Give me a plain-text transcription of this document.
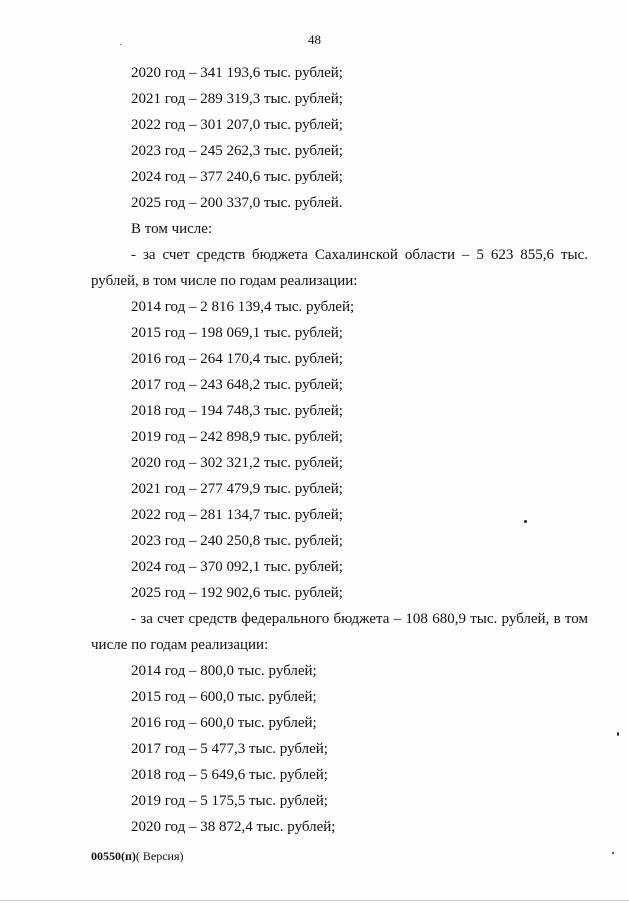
48

2020 год – 341 193,6 тыс. рублей;

2021 год – 289 319,3 тыс. рублей;

2022 год – 301 207,0 тыс. рублей;

2023 год – 245 262,3 тыс. рублей;

2024 год – 377 240,6 тыс. рублей;

2025 год – 200 337,0 тыс. рублей.

В том числе:

- за счет средств бюджета Сахалинской области – 5 623 855,6 тыс. рублей, в том числе по годам реализации:

2014 год – 2 816 139,4 тыс. рублей;

2015 год – 198 069,1 тыс. рублей;

2016 год – 264 170,4 тыс. рублей;

2017 год – 243 648,2 тыс. рублей;

2018 год – 194 748,3 тыс. рублей;

2019 год – 242 898,9 тыс. рублей;

2020 год – 302 321,2 тыс. рублей;

2021 год – 277 479,9 тыс. рублей;

2022 год – 281 134,7 тыс. рублей;

2023 год – 240 250,8 тыс. рублей;

2024 год – 370 092,1 тыс. рублей;

2025 год – 192 902,6 тыс. рублей;

- за счет средств федерального бюджета – 108 680,9 тыс. рублей, в том числе по годам реализации:

2014 год – 800,0 тыс. рублей;

2015 год – 600,0 тыс. рублей;

2016 год – 600,0 тыс. рублей;

2017 год – 5 477,3 тыс. рублей;

2018 год – 5 649,6 тыс. рублей;

2019 год – 5 175,5 тыс. рублей;

2020 год – 38 872,4 тыс. рублей;

00550(п)( Версия)
